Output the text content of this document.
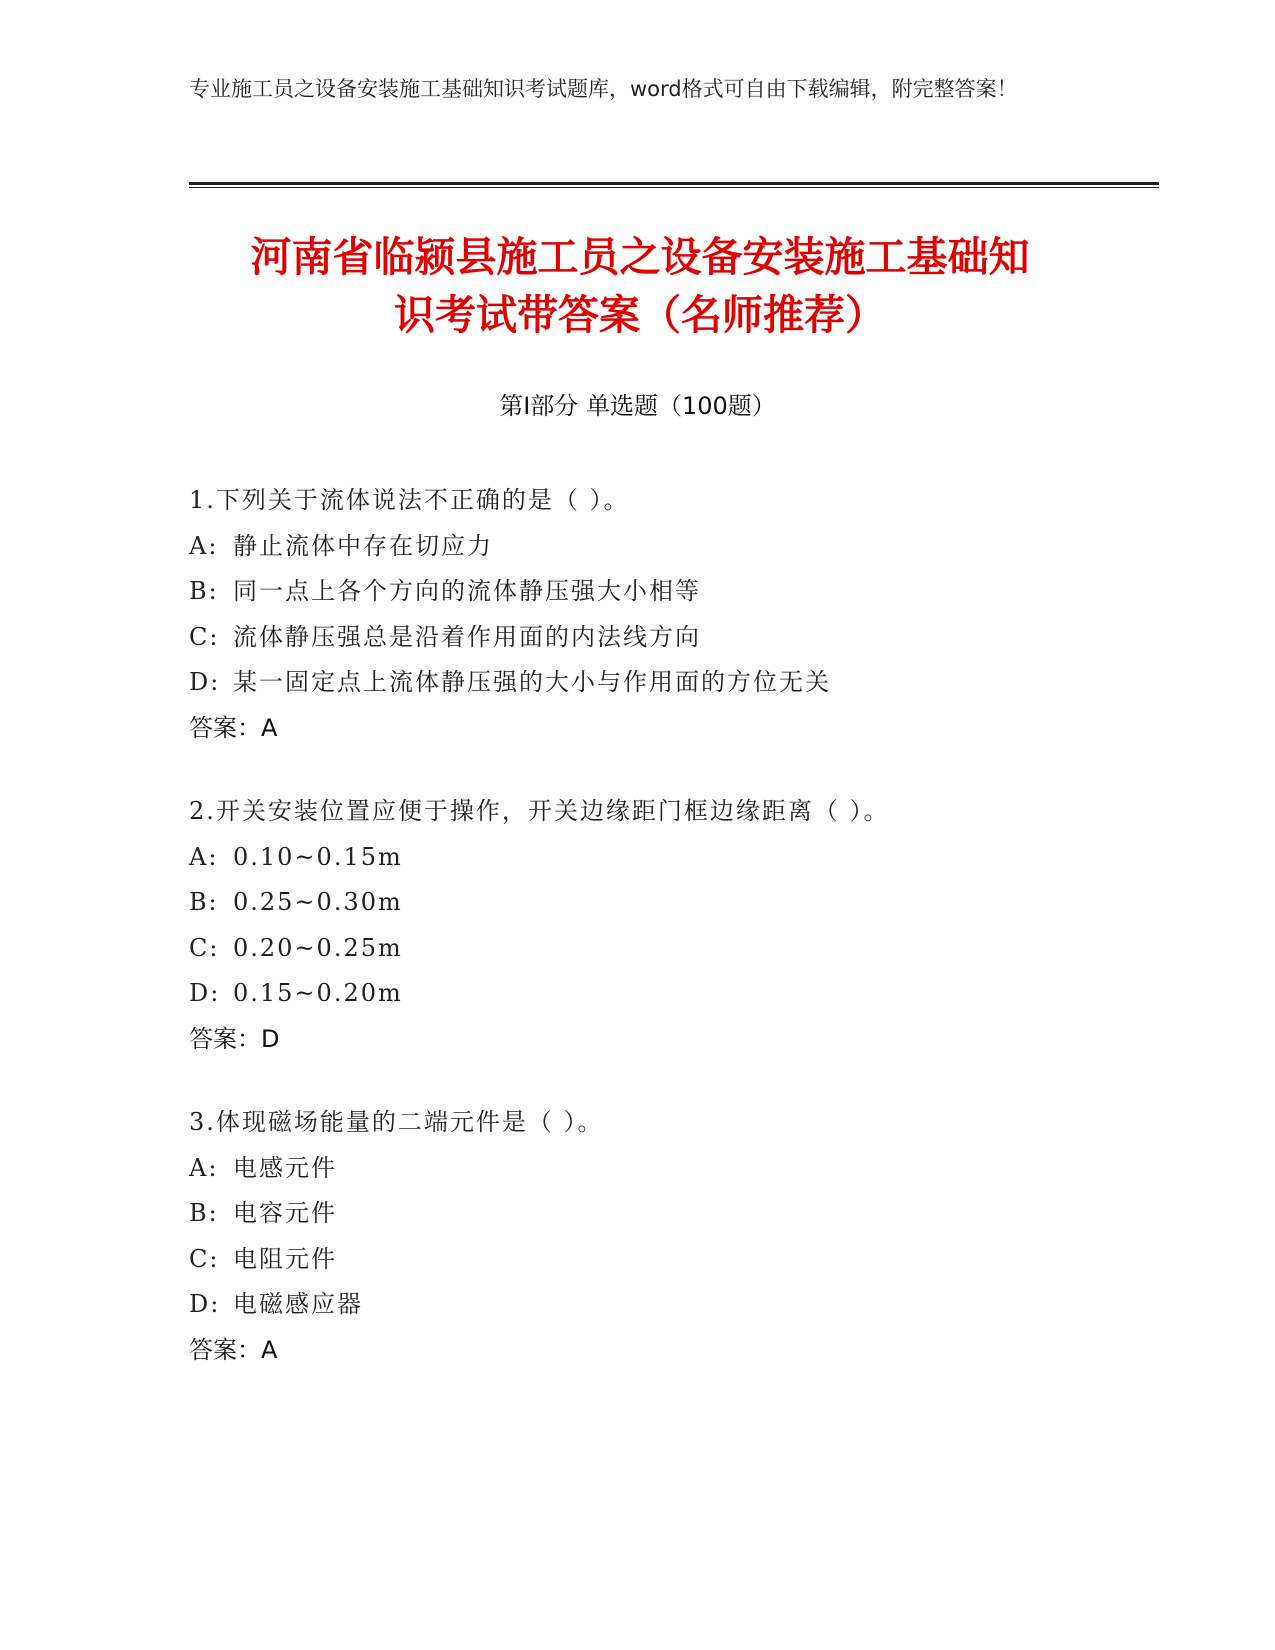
专业施工员之设备安装施工基础知识考试题库，word格式可自由下载编辑，附完整答案！
河南省临颍县施工员之设备安装施工基础知
识考试带答案（名师推荐）
第Ⅰ部分 单选题（100题）
1.下列关于流体说法不正确的是（ ）。
A: 静止流体中存在切应力
B: 同一点上各个方向的流体静压强大小相等
C: 流体静压强总是沿着作用面的内法线方向
D: 某一固定点上流体静压强的大小与作用面的方位无关
答案：A
2.开关安装位置应便于操作，开关边缘距门框边缘距离（ ）。
A: 0.10~0.15m
B: 0.25~0.30m
C: 0.20~0.25m
D: 0.15~0.20m
答案：D
3.体现磁场能量的二端元件是（ ）。
A: 电感元件
B: 电容元件
C: 电阻元件
D: 电磁感应器
答案：A
